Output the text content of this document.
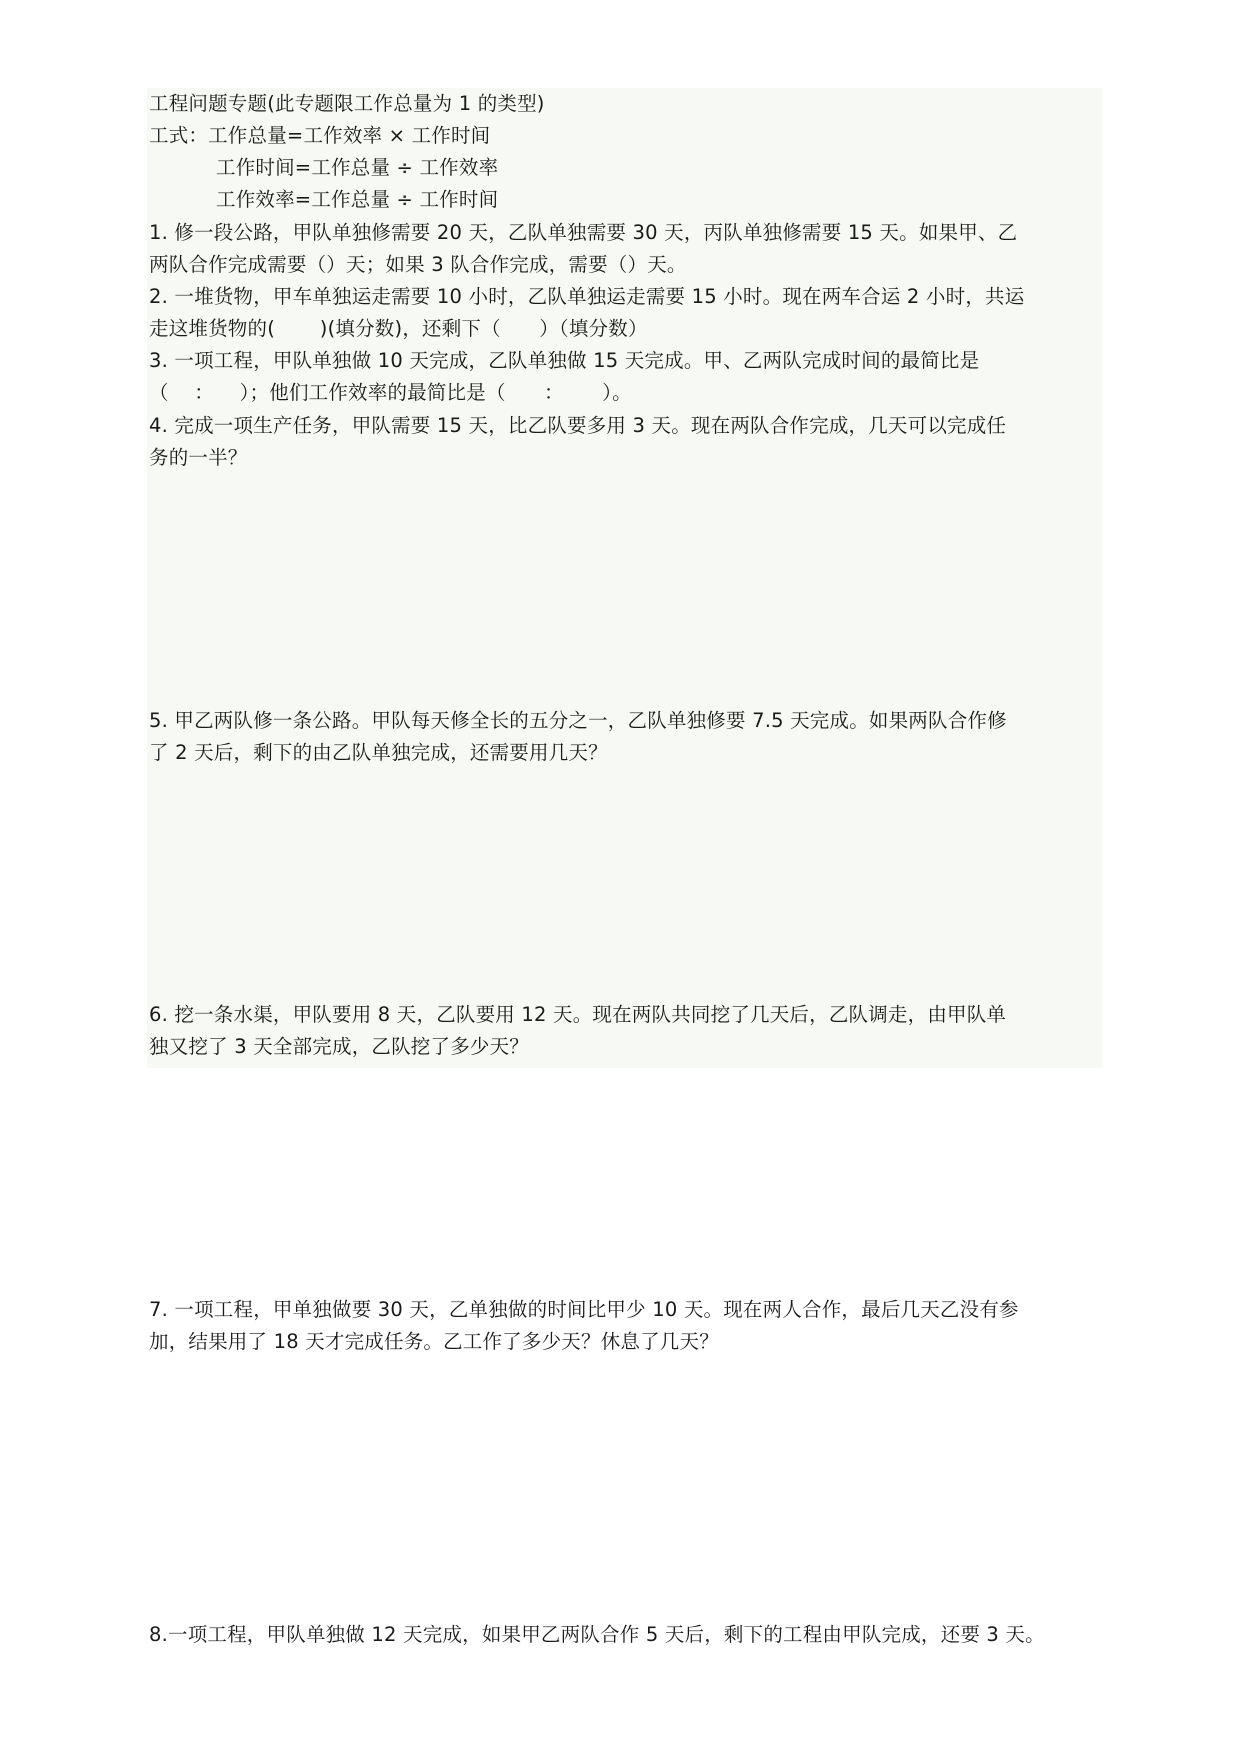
工程问题专题(此专题限工作总量为 1 的类型)
工式：工作总量=工作效率 × 工作时间
工作时间=工作总量 ÷ 工作效率
工作效率=工作总量 ÷ 工作时间
1. 修一段公路，甲队单独修需要 20 天，乙队单独需要 30 天，丙队单独修需要 15 天。如果甲、乙
两队合作完成需要（）天；如果 3 队合作完成，需要（）天。
2. 一堆货物，甲车单独运走需要 10 小时，乙队单独运走需要 15 小时。现在两车合运 2 小时，共运
走这堆货物的(       )(填分数)，还剩下（      ）（填分数）
3. 一项工程，甲队单独做 10 天完成，乙队单独做 15 天完成。甲、乙两队完成时间的最简比是
（    ：    ）；他们工作效率的最简比是（      ：      ）。
4. 完成一项生产任务，甲队需要 15 天，比乙队要多用 3 天。现在两队合作完成，几天可以完成任
务的一半？
5. 甲乙两队修一条公路。甲队每天修全长的五分之一，乙队单独修要 7.5 天完成。如果两队合作修
了 2 天后，剩下的由乙队单独完成，还需要用几天？
6. 挖一条水渠，甲队要用 8 天，乙队要用 12 天。现在两队共同挖了几天后，乙队调走，由甲队单
独又挖了 3 天全部完成，乙队挖了多少天？
7. 一项工程，甲单独做要 30 天，乙单独做的时间比甲少 10 天。现在两人合作，最后几天乙没有参
加，结果用了 18 天才完成任务。乙工作了多少天？休息了几天？
8.一项工程，甲队单独做 12 天完成，如果甲乙两队合作 5 天后，剩下的工程由甲队完成，还要 3 天。
